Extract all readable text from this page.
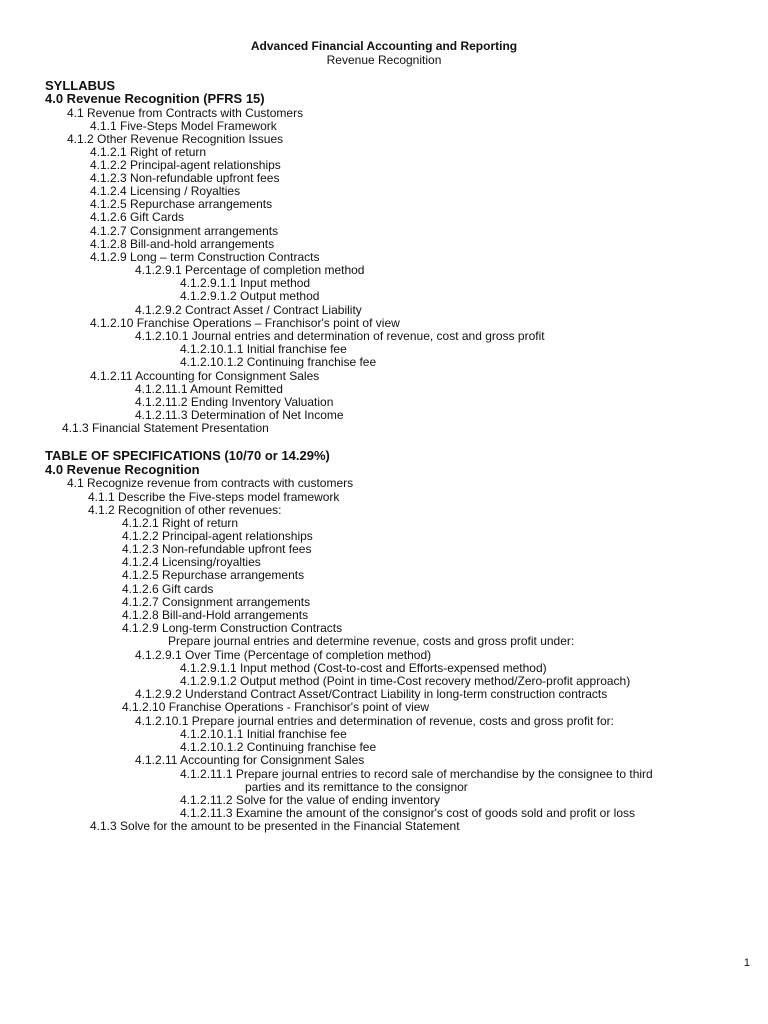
Advanced Financial Accounting and Reporting
Revenue Recognition
SYLLABUS
4.0 Revenue Recognition (PFRS 15)
4.1 Revenue from Contracts with Customers
4.1.1 Five-Steps Model Framework
4.1.2 Other Revenue Recognition Issues
4.1.2.1 Right of return
4.1.2.2 Principal-agent relationships
4.1.2.3 Non-refundable upfront fees
4.1.2.4 Licensing / Royalties
4.1.2.5 Repurchase arrangements
4.1.2.6 Gift Cards
4.1.2.7 Consignment arrangements
4.1.2.8 Bill-and-hold arrangements
4.1.2.9 Long – term Construction Contracts
4.1.2.9.1 Percentage of completion method
4.1.2.9.1.1 Input method
4.1.2.9.1.2 Output method
4.1.2.9.2 Contract Asset / Contract Liability
4.1.2.10 Franchise Operations – Franchisor's point of view
4.1.2.10.1 Journal entries and determination of revenue, cost and gross profit
4.1.2.10.1.1 Initial franchise fee
4.1.2.10.1.2 Continuing franchise fee
4.1.2.11 Accounting for Consignment Sales
4.1.2.11.1 Amount Remitted
4.1.2.11.2 Ending Inventory Valuation
4.1.2.11.3 Determination of Net Income
4.1.3 Financial Statement Presentation
TABLE OF SPECIFICATIONS (10/70 or 14.29%)
4.0 Revenue Recognition
4.1 Recognize revenue from contracts with customers
4.1.1 Describe the Five-steps model framework
4.1.2 Recognition of other revenues:
4.1.2.1 Right of return
4.1.2.2 Principal-agent relationships
4.1.2.3 Non-refundable upfront fees
4.1.2.4 Licensing/royalties
4.1.2.5 Repurchase arrangements
4.1.2.6 Gift cards
4.1.2.7 Consignment arrangements
4.1.2.8 Bill-and-Hold arrangements
4.1.2.9 Long-term Construction Contracts
Prepare journal entries and determine revenue, costs and gross profit under:
4.1.2.9.1 Over Time (Percentage of completion method)
4.1.2.9.1.1 Input method (Cost-to-cost and Efforts-expensed method)
4.1.2.9.1.2 Output method (Point in time-Cost recovery method/Zero-profit approach)
4.1.2.9.2 Understand Contract Asset/Contract Liability in long-term construction contracts
4.1.2.10 Franchise Operations - Franchisor's point of view
4.1.2.10.1 Prepare journal entries and determination of revenue, costs and gross profit for:
4.1.2.10.1.1 Initial franchise fee
4.1.2.10.1.2 Continuing franchise fee
4.1.2.11 Accounting for Consignment Sales
4.1.2.11.1 Prepare journal entries to record sale of merchandise by the consignee to third
parties and its remittance to the consignor
4.1.2.11.2 Solve for the value of ending inventory
4.1.2.11.3 Examine the amount of the consignor's cost of goods sold and profit or loss
4.1.3 Solve for the amount to be presented in the Financial Statement
1
